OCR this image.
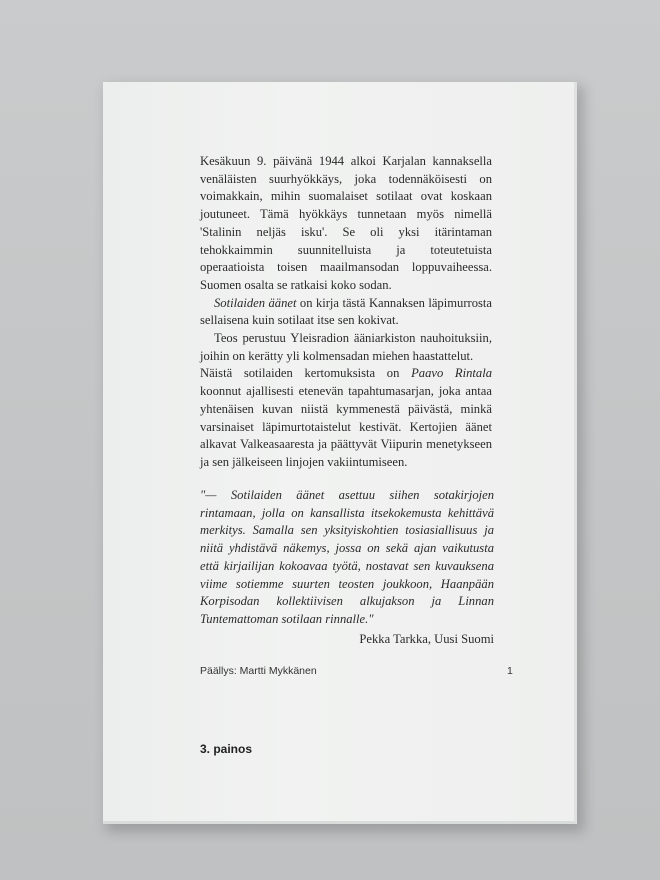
Kesäkuun 9. päivänä 1944 alkoi Karjalan kannaksella venäläisten suurhyökkäys, joka todennäköisesti on voimakkain, mihin suomalaiset sotilaat ovat koskaan joutuneet. Tämä hyökkäys tunnetaan myös nimellä 'Stalinin neljäs isku'. Se oli yksi itärintaman tehokkaimmin suunnitelluista ja toteutetuista operaatioista toisen maailmansodan loppuvaiheessa. Suomen osalta se ratkaisi koko sodan.

Sotilaiden äänet on kirja tästä Kannaksen läpimurrosta sellaisena kuin sotilaat itse sen kokivat.

Teos perustuu Yleisradion ääniarkiston nauhoituksiin, joihin on kerätty yli kolmensadan miehen haastattelut.

Näistä sotilaiden kertomuksista on Paavo Rintala koonnut ajallisesti etenevän tapahtumasarjan, joka antaa yhtenäisen kuvan niistä kymmenestä päivästä, minkä varsinaiset läpimurtotaistelut kestivät. Kertojien äänet alkavat Valkeasaaresta ja päättyvät Viipurin menetykseen ja sen jälkeiseen linjojen vakiintumiseen.

"— Sotilaiden äänet asettuu siihen sotakirjojen rintamaan, jolla on kansallista itsekokemusta kehittävä merkitys. Samalla sen yksityiskohtien tosiasiallisuus ja niitä yhdistävä näkemys, jossa on sekä ajan vaikutusta että kirjailijan kokoavaa työtä, nostavat sen kuvauksena viime sotiemme suurten teosten joukkoon, Haanpään Korpisodan kollektiivisen alkujakson ja Linnan Tuntemattoman sotilaan rinnalle."

Pekka Tarkka, Uusi Suomi

Päällys: Martti Mykkänen	1
3. painos
